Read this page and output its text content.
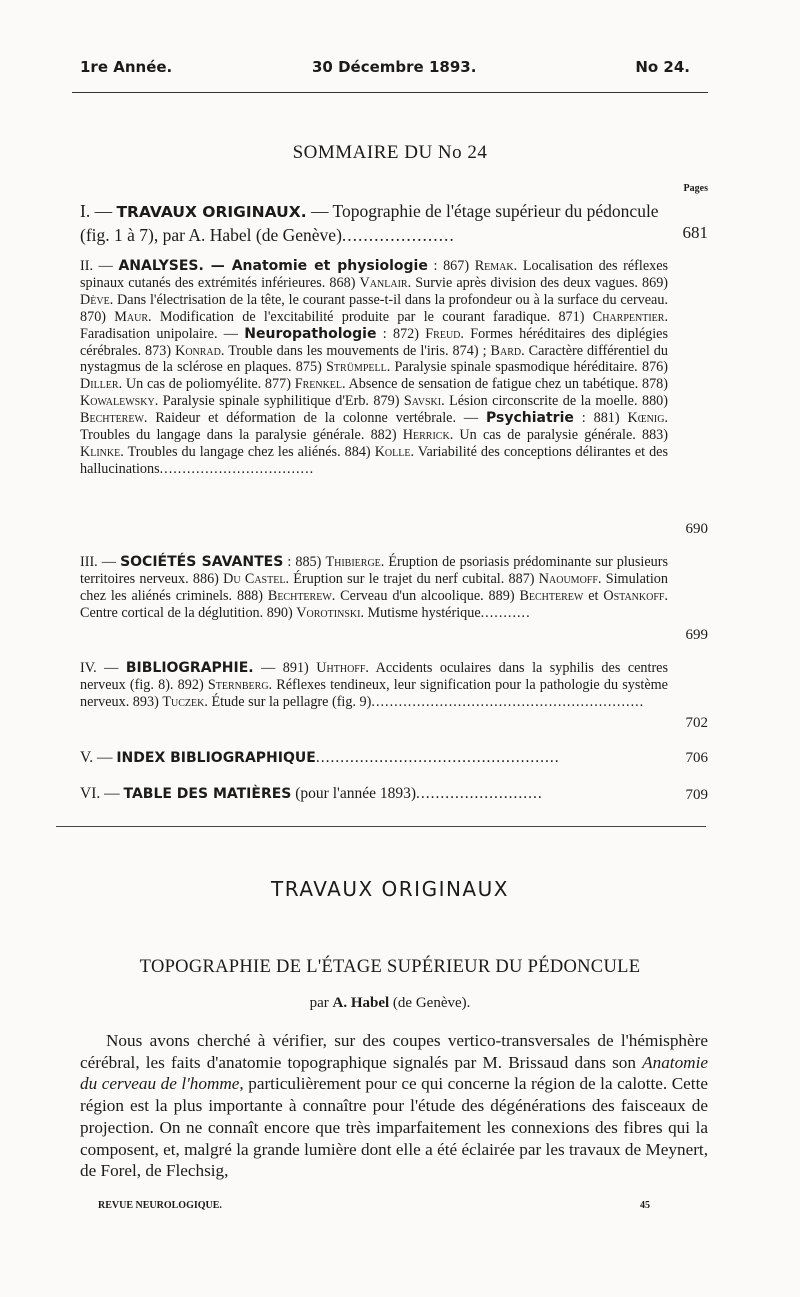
1re Année.	30 Décembre 1893.	No 24.
SOMMAIRE DU No 24
Pages
I. — TRAVAUX ORIGINAUX. — Topographie de l'étage supérieur du pédoncule (fig. 1 à 7), par A. Habel (de Genève).....................	681
II. — ANALYSES. — Anatomie et physiologie : 867) Remak. Localisation des réflexes spinaux cutanés des extrémités inférieures. 868) Vanlair. Survie après division des deux vagues. 869) Dève. Dans l'électrisation de la tête, le courant passe-t-il dans la profondeur ou à la surface du cerveau. 870) Maur. Modification de l'excitabilité produite par le courant faradique. 871) Charpentier. Faradisation unipolaire. — Neuropathologie : 872) Freud. Formes héréditaires des diplégies cérébrales. 873) Konrad. Trouble dans les mouvements de l'iris. 874) ; Bard. Caractère différentiel du nystagmus de la sclérose en plaques. 875) Strümpell. Paralysie spinale spasmodique héréditaire. 876) Diller. Un cas de poliomyélite. 877) Frenkel. Absence de sensation de fatigue chez un tabétique. 878) Kowalewsky. Paralysie spinale syphilitique d'Erb. 879) Savski. Lésion circonscrite de la moelle. 880) Bechterew. Raideur et déformation de la colonne vertébrale. — Psychiatrie : 881) Kœnig. Troubles du langage dans la paralysie générale. 882) Herrick. Un cas de paralysie générale. 883) Klinke. Troubles du langage chez les aliénés. 884) Kolle. Variabilité des conceptions délirantes et des hallucinations..................................
690
III. — SOCIÉTÉS SAVANTES : 885) Thibierge. Éruption de psoriasis prédominante sur plusieurs territoires nerveux. 886) Du Castel. Éruption sur le trajet du nerf cubital. 887) Naoumoff. Simulation chez les aliénés criminels. 888) Bechterew. Cerveau d'un alcoolique. 889) Bechterew et Ostankoff. Centre cortical de la déglutition. 890) Vorotinski. Mutisme hystérique...........
699
IV. — BIBLIOGRAPHIE. — 891) Uhthoff. Accidents oculaires dans la syphilis des centres nerveux (fig. 8). 892) Sternberg. Réflexes tendineux, leur signification pour la pathologie du système nerveux. 893) Tuczek. Étude sur la pellagre (fig. 9)............................................................
702
V. — INDEX BIBLIOGRAPHIQUE..................................................	706
VI. — TABLE DES MATIÈRES (pour l'année 1893)..........................	709
TRAVAUX ORIGINAUX
TOPOGRAPHIE DE L'ÉTAGE SUPÉRIEUR DU PÉDONCULE
par A. Habel (de Genève).

Nous avons cherché à vérifier, sur des coupes vertico-transversales de l'hémisphère cérébral, les faits d'anatomie topographique signalés par M. Brissaud dans son Anatomie du cerveau de l'homme, particulièrement pour ce qui concerne la région de la calotte. Cette région est la plus importante à connaître pour l'étude des dégénérations des faisceaux de projection. On ne connaît encore que très imparfaitement les connexions des fibres qui la composent, et, malgré la grande lumière dont elle a été éclairée par les travaux de Meynert, de Forel, de Flechsig,

REVUE NEUROLOGIQUE.	45
